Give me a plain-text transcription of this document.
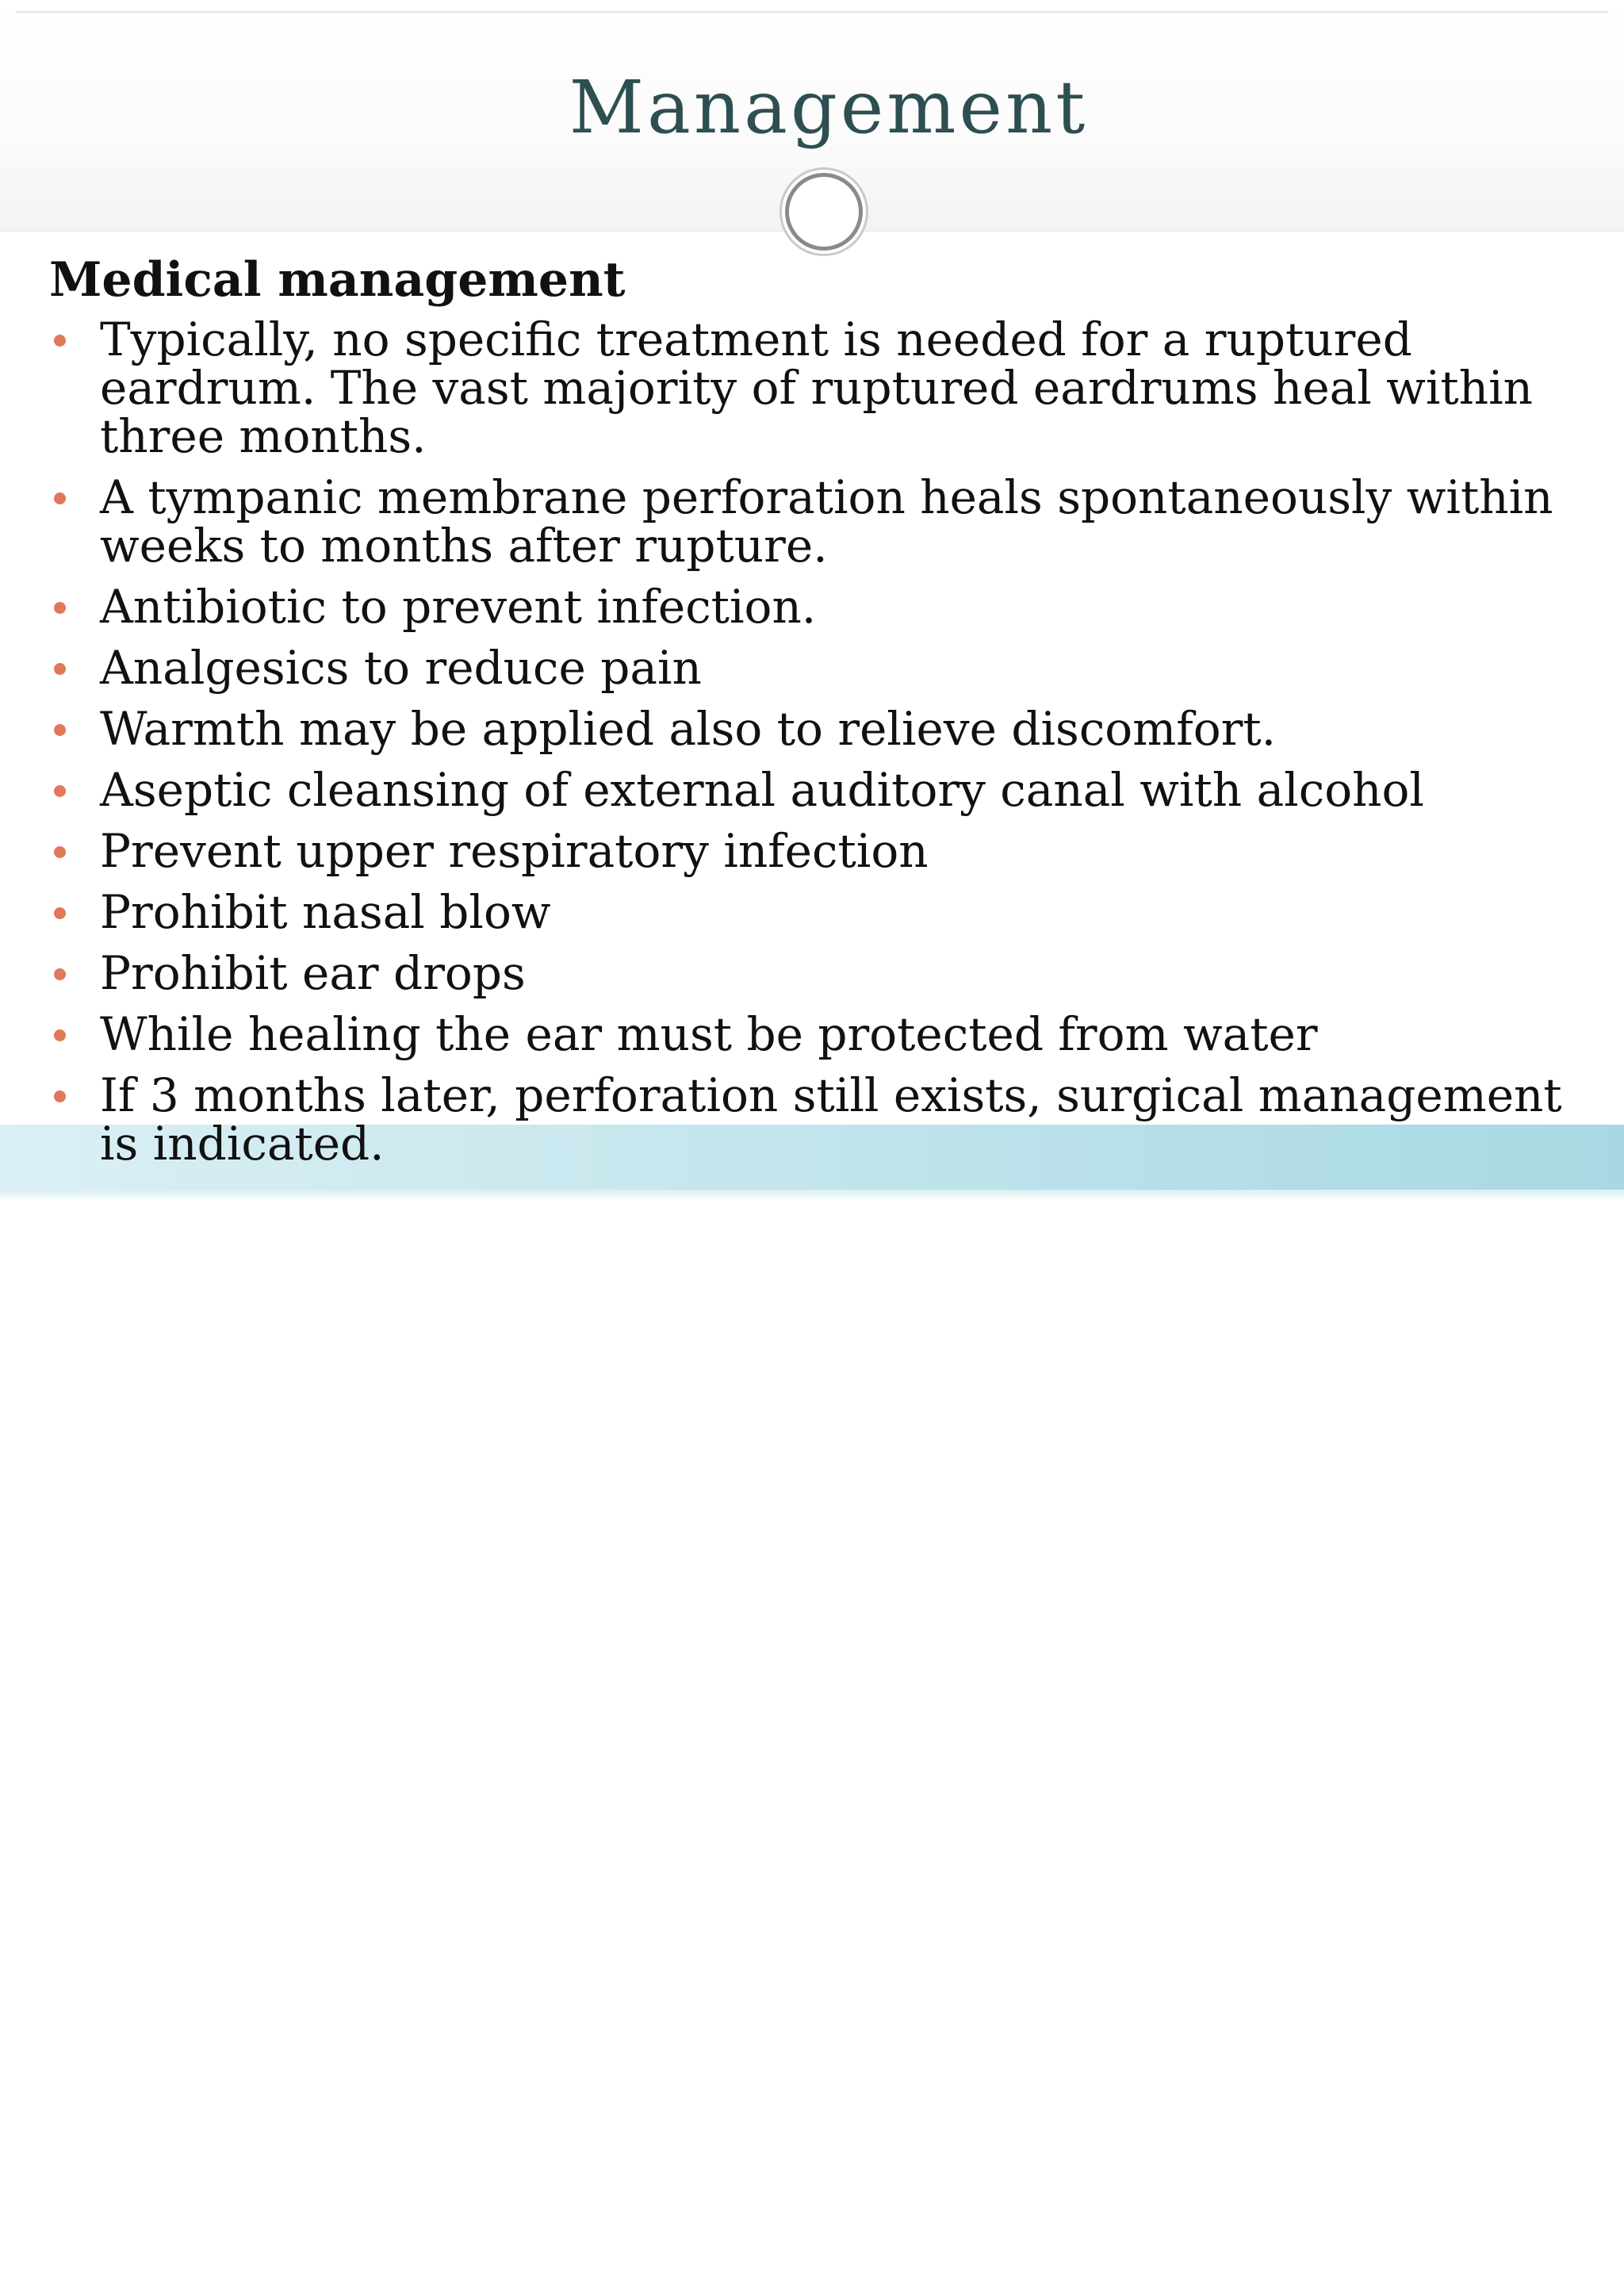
Management
Medical management
Typically, no specific treatment is needed for a ruptured eardrum. The vast majority of ruptured eardrums heal within three months.
A tympanic membrane perforation heals spontaneously within weeks to months after rupture.
Antibiotic to prevent infection.
Analgesics to reduce pain
Warmth may be applied also to relieve discomfort.
Aseptic cleansing of external auditory canal with alcohol
Prevent upper respiratory infection
Prohibit nasal blow
Prohibit ear drops
While healing the ear must be protected from water
If 3 months later, perforation still exists, surgical management is indicated.
